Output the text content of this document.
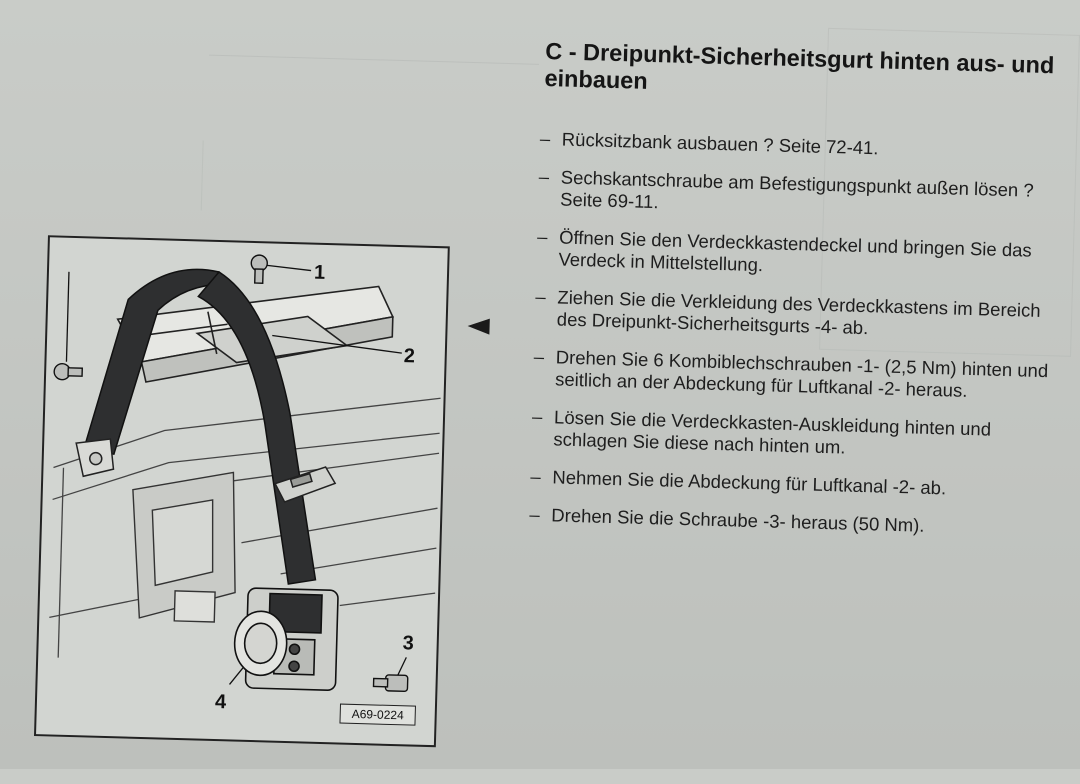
C - Dreipunkt-Sicherheitsgurt hinten aus- und einbauen
– Rücksitzbank ausbauen ? Seite 72-41.
– Sechskantschraube am Befestigungspunkt außen lösen ? Seite 69-11.
– Öffnen Sie den Verdeckkastendeckel und bringen Sie das Verdeck in Mittelstellung.
– Ziehen Sie die Verkleidung des Verdeckkastens im Bereich des Dreipunkt-Sicherheitsgurts -4- ab.
– Drehen Sie 6 Kombiblechschrauben -1- (2,5 Nm) hinten und seitlich an der Abdeckung für Luftkanal -2- heraus.
– Lösen Sie die Verdeckkasten-Auskleidung hinten und schlagen Sie diese nach hinten um.
– Nehmen Sie die Abdeckung für Luftkanal -2- ab.
– Drehen Sie die Schraube -3- heraus (50 Nm).
1
2
3
4
A69-0224
